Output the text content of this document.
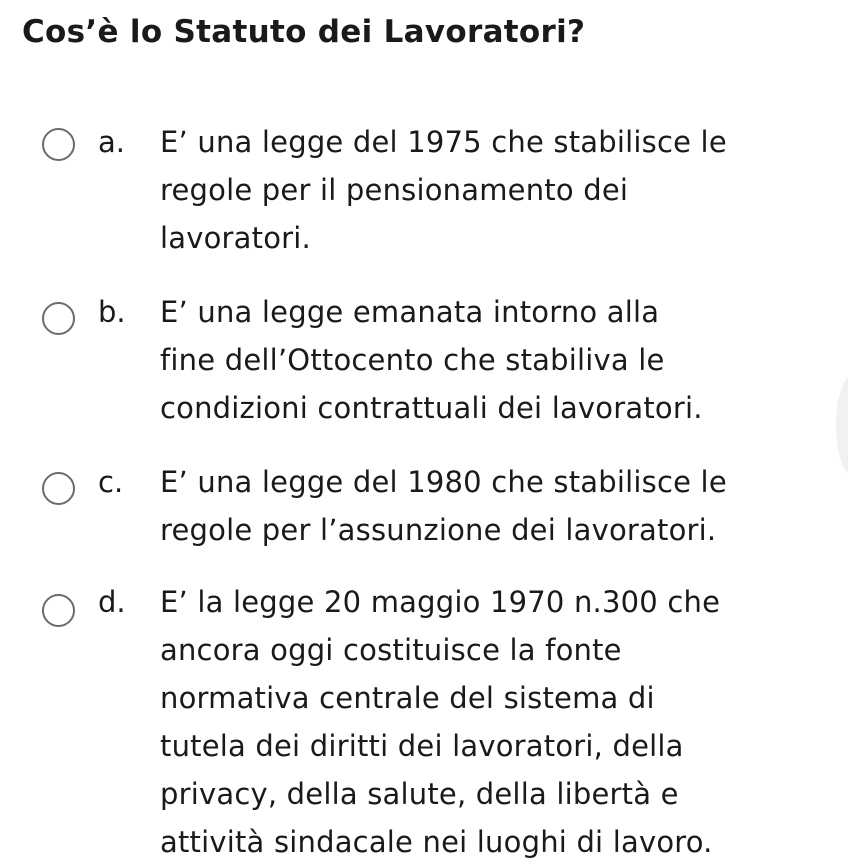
Cos’è lo Statuto dei Lavoratori?
a. E’ una legge del 1975 che stabilisce le
regole per il pensionamento dei
lavoratori.
b. E’ una legge emanata intorno alla
fine dell’Ottocento che stabiliva le
condizioni contrattuali dei lavoratori.
c. E’ una legge del 1980 che stabilisce le
regole per l’assunzione dei lavoratori.
d. E’ la legge 20 maggio 1970 n.300 che
ancora oggi costituisce la fonte
normativa centrale del sistema di
tutela dei diritti dei lavoratori, della
privacy, della salute, della libertà e
attività sindacale nei luoghi di lavoro.
